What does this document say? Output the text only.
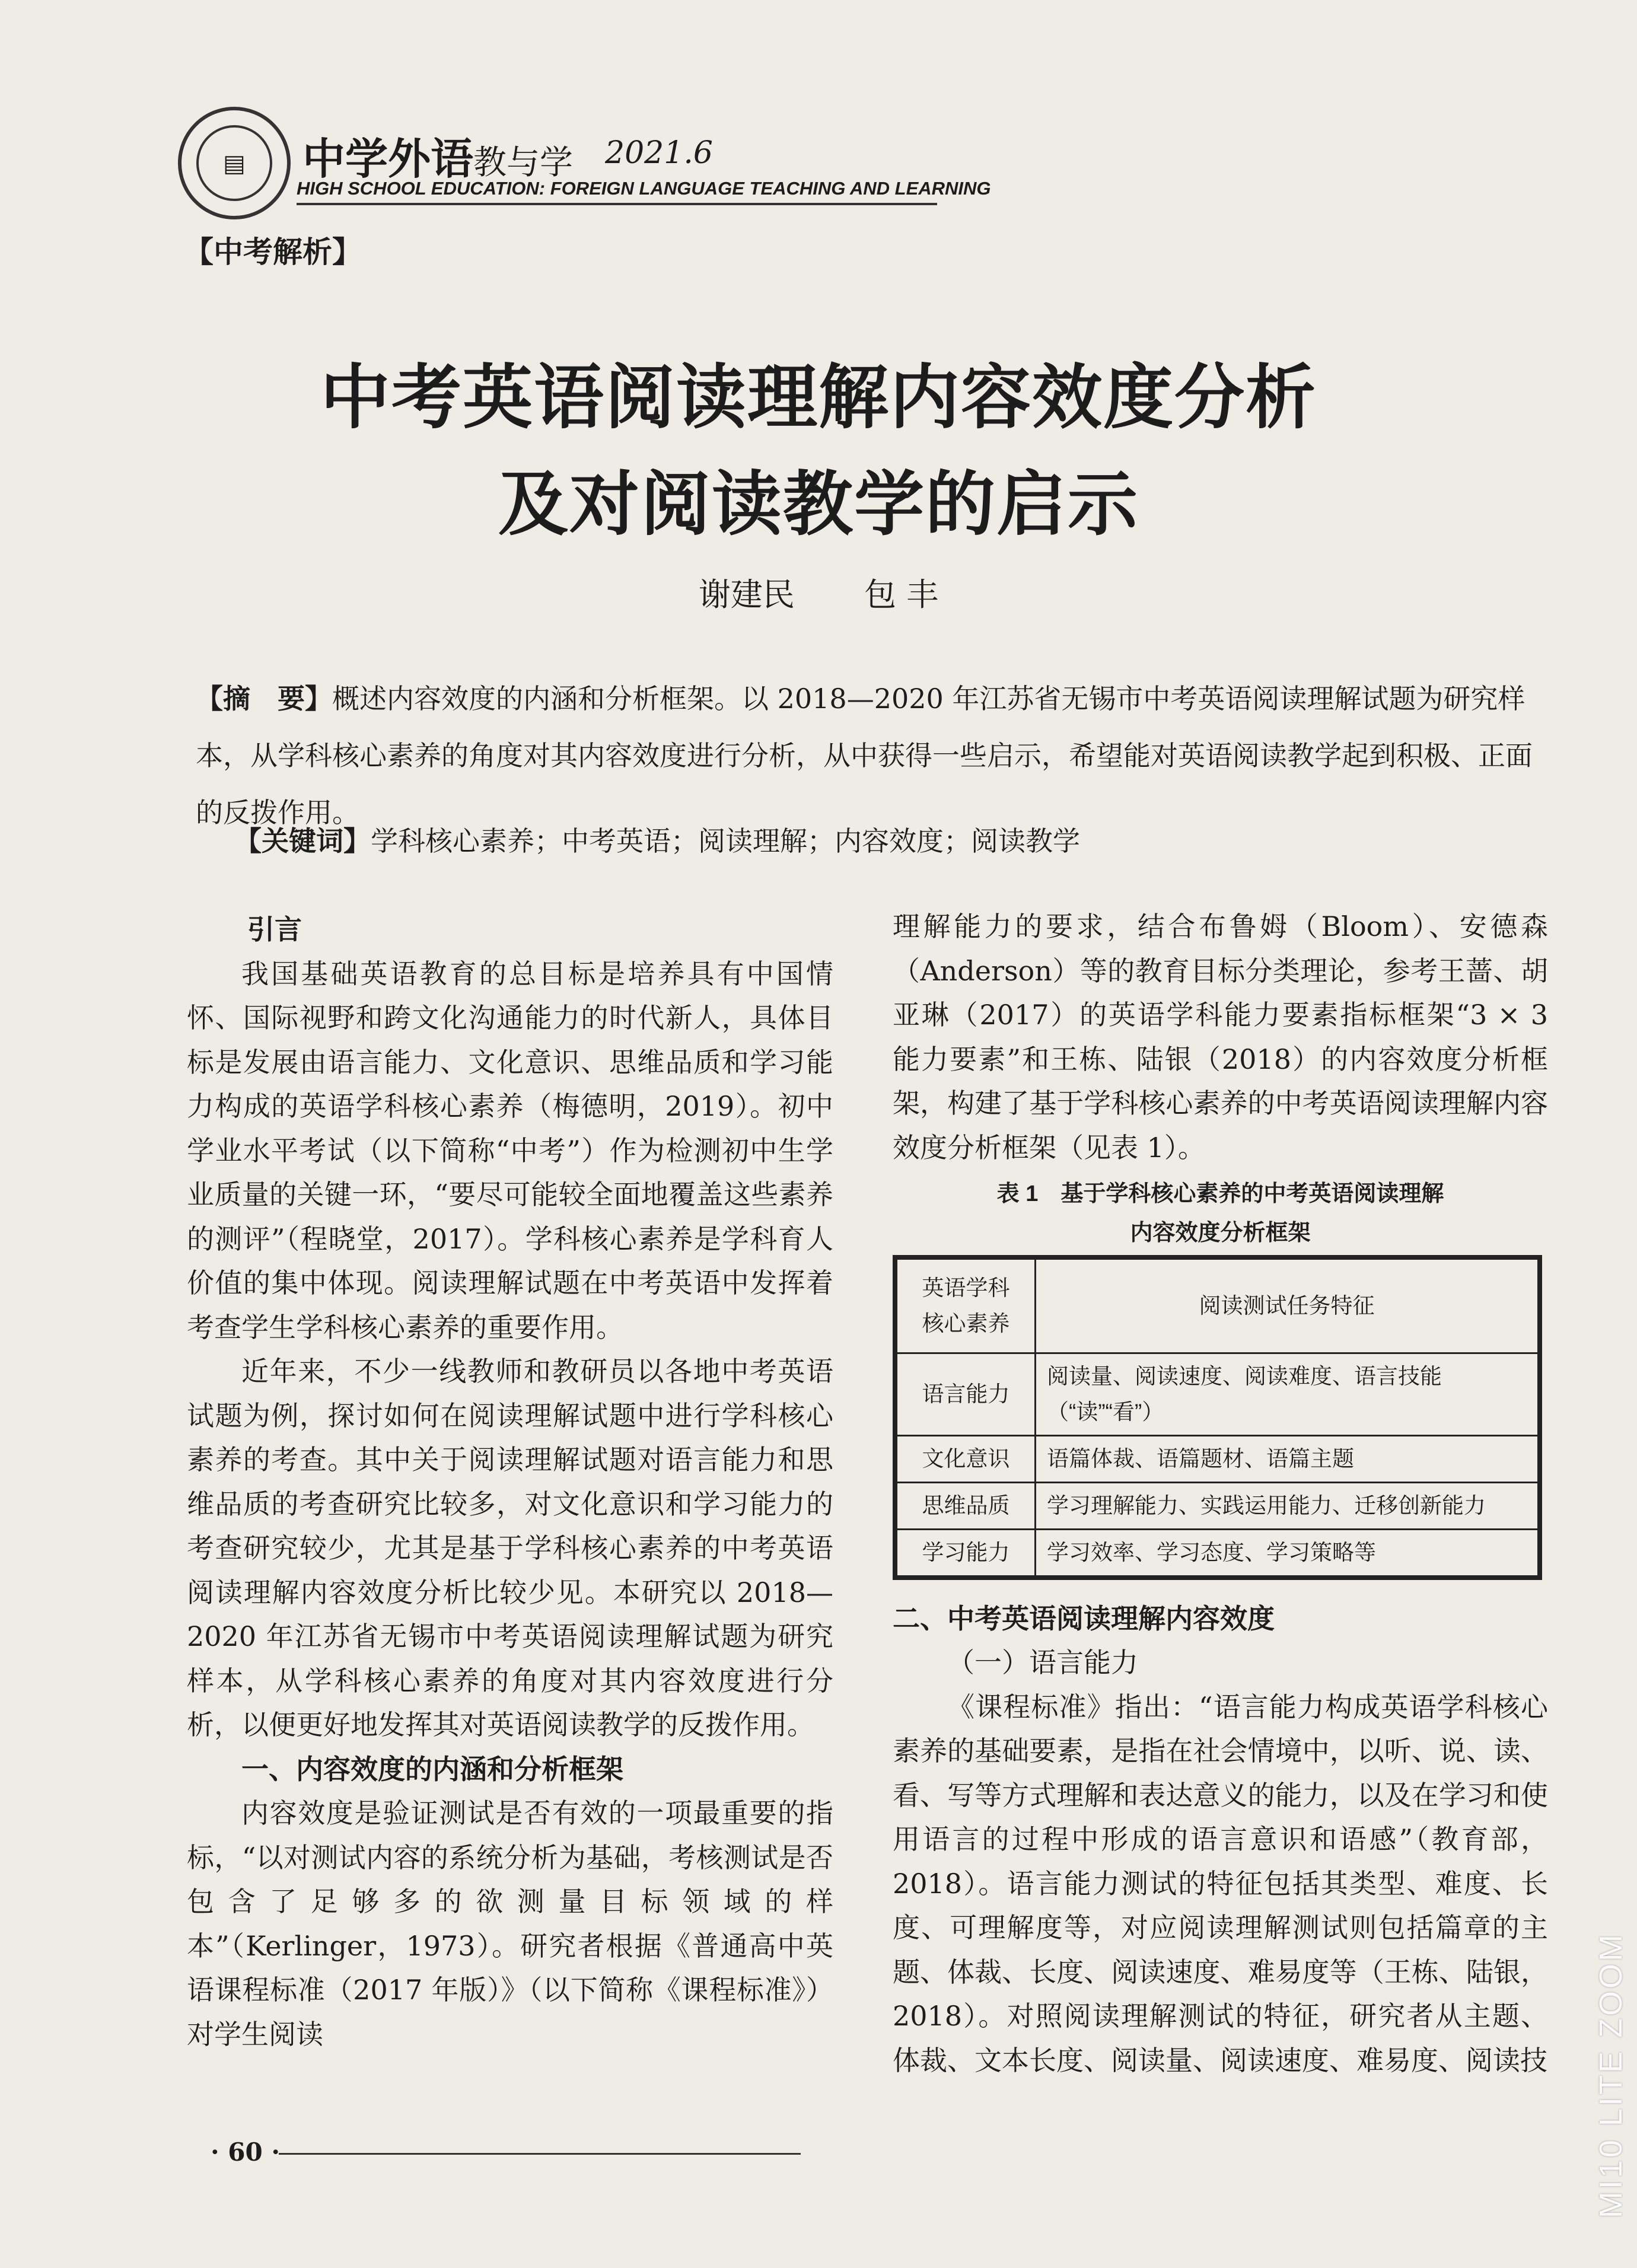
▤	中学外语教与学 2021.6
HIGH SCHOOL EDUCATION: FOREIGN LANGUAGE TEACHING AND LEARNING
【中考解析】
中考英语阅读理解内容效度分析
及对阅读教学的启示
谢建民 包 丰
【摘　要】概述内容效度的内涵和分析框架。以 2018—2020 年江苏省无锡市中考英语阅读理解试题为研究样本，从学科核心素养的角度对其内容效度进行分析，从中获得一些启示，希望能对英语阅读教学起到积极、正面的反拨作用。
【关键词】学科核心素养；中考英语；阅读理解；内容效度；阅读教学
引言

我国基础英语教育的总目标是培养具有中国情怀、国际视野和跨文化沟通能力的时代新人，具体目标是发展由语言能力、文化意识、思维品质和学习能力构成的英语学科核心素养（梅德明，2019）。初中学业水平考试（以下简称“中考”）作为检测初中生学业质量的关键一环，“要尽可能较全面地覆盖这些素养的测评”（程晓堂，2017）。学科核心素养是学科育人价值的集中体现。阅读理解试题在中考英语中发挥着考查学生学科核心素养的重要作用。

近年来，不少一线教师和教研员以各地中考英语试题为例，探讨如何在阅读理解试题中进行学科核心素养的考查。其中关于阅读理解试题对语言能力和思维品质的考查研究比较多，对文化意识和学习能力的考查研究较少，尤其是基于学科核心素养的中考英语阅读理解内容效度分析比较少见。本研究以 2018—2020 年江苏省无锡市中考英语阅读理解试题为研究样本，从学科核心素养的角度对其内容效度进行分析，以便更好地发挥其对英语阅读教学的反拨作用。

一、内容效度的内涵和分析框架

内容效度是验证测试是否有效的一项最重要的指标，“以对测试内容的系统分析为基础，考核测试是否包含了足够多的欲测量目标领域的样本”（Kerlinger，1973）。研究者根据《普通高中英语课程标准（2017 年版）》（以下简称《课程标准》）对学生阅读

理解能力的要求，结合布鲁姆（Bloom）、安德森（Anderson）等的教育目标分类理论，参考王蔷、胡亚琳（2017）的英语学科能力要素指标框架“3 × 3 能力要素”和王栋、陆银（2018）的内容效度分析框架，构建了基于学科核心素养的中考英语阅读理解内容效度分析框架（见表 1）。

表 1　基于学科核心素养的中考英语阅读理解
内容效度分析框架
英语学科
核心素养	阅读测试任务特征
语言能力	阅读量、阅读速度、阅读难度、语言技能（“读”“看”）
文化意识	语篇体裁、语篇题材、语篇主题
思维品质	学习理解能力、实践运用能力、迁移创新能力
学习能力	学习效率、学习态度、学习策略等
二、中考英语阅读理解内容效度
（一）语言能力

《课程标准》指出：“语言能力构成英语学科核心素养的基础要素，是指在社会情境中，以听、说、读、看、写等方式理解和表达意义的能力，以及在学习和使用语言的过程中形成的语言意识和语感”（教育部，2018）。语言能力测试的特征包括其类型、难度、长度、可理解度等，对应阅读理解测试则包括篇章的主题、体裁、长度、阅读速度、难易度等（王栋、陆银，2018）。对照阅读理解测试的特征，研究者从主题、体裁、文本长度、阅读量、阅读速度、难易度、阅读技

· 60 ·	MI10 LITE ZOOM
